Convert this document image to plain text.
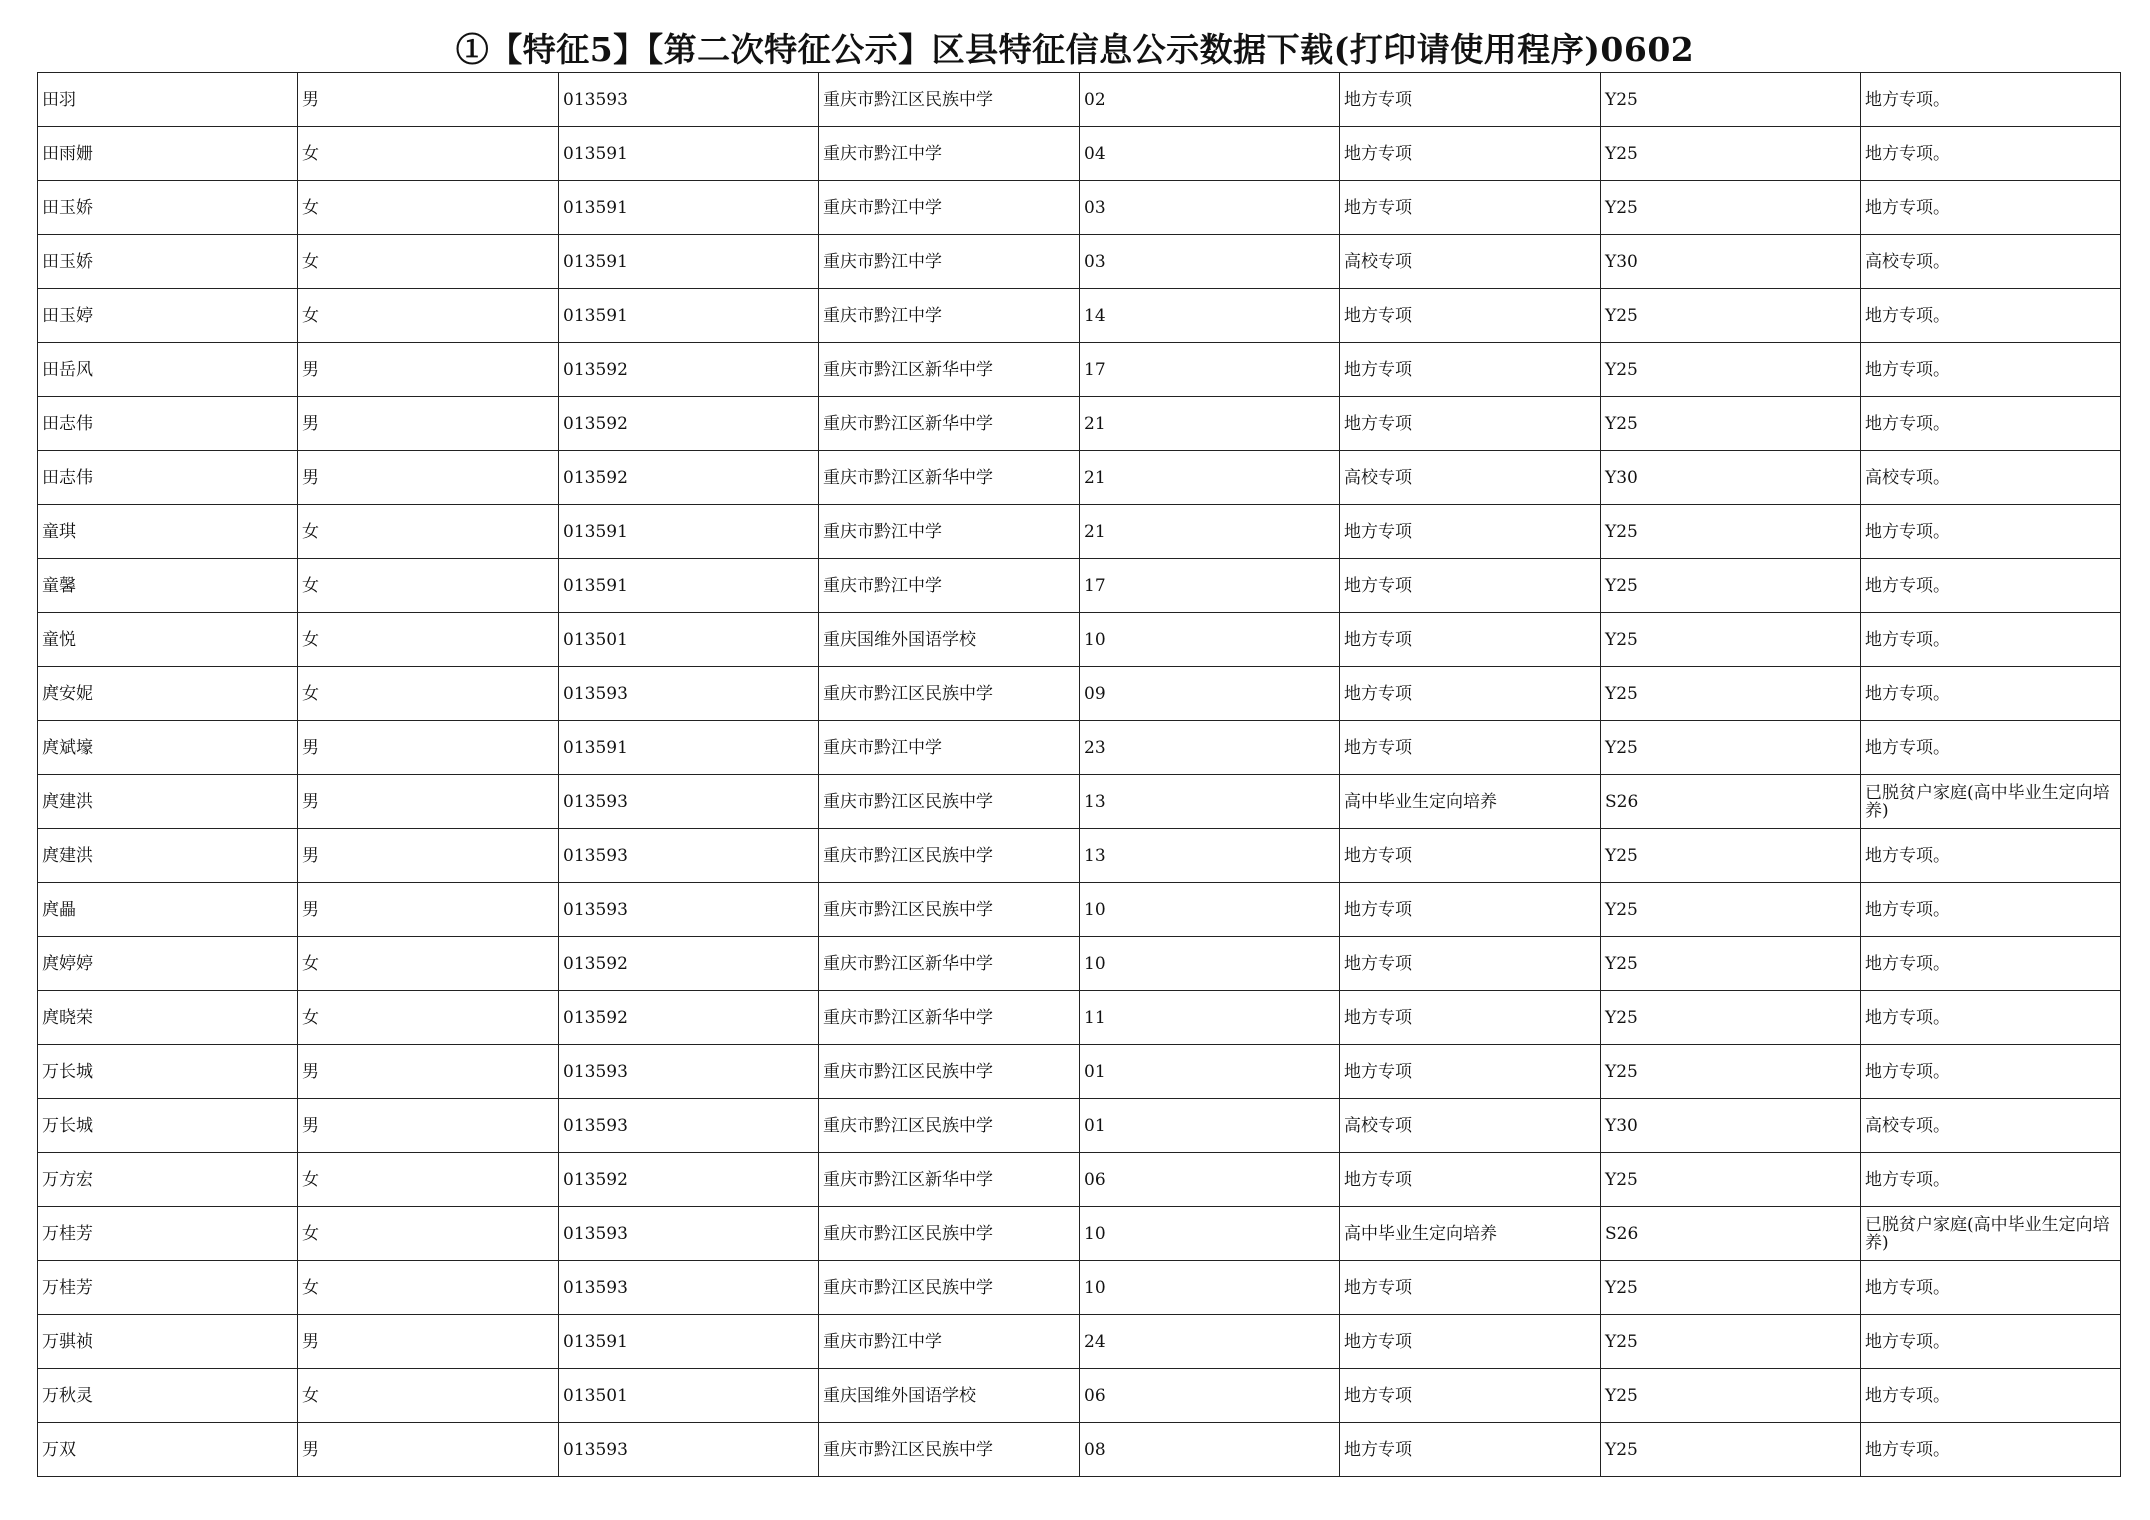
①【特征5】【第二次特征公示】区县特征信息公示数据下载(打印请使用程序)0602
田羽	男	013593	重庆市黔江区民族中学	02	地方专项	Y25	地方专项。
田雨姗	女	013591	重庆市黔江中学	04	地方专项	Y25	地方专项。
田玉娇	女	013591	重庆市黔江中学	03	地方专项	Y25	地方专项。
田玉娇	女	013591	重庆市黔江中学	03	高校专项	Y30	高校专项。
田玉婷	女	013591	重庆市黔江中学	14	地方专项	Y25	地方专项。
田岳风	男	013592	重庆市黔江区新华中学	17	地方专项	Y25	地方专项。
田志伟	男	013592	重庆市黔江区新华中学	21	地方专项	Y25	地方专项。
田志伟	男	013592	重庆市黔江区新华中学	21	高校专项	Y30	高校专项。
童琪	女	013591	重庆市黔江中学	21	地方专项	Y25	地方专项。
童馨	女	013591	重庆市黔江中学	17	地方专项	Y25	地方专项。
童悦	女	013501	重庆国维外国语学校	10	地方专项	Y25	地方专项。
庹安妮	女	013593	重庆市黔江区民族中学	09	地方专项	Y25	地方专项。
庹斌壕	男	013591	重庆市黔江中学	23	地方专项	Y25	地方专项。
庹建洪	男	013593	重庆市黔江区民族中学	13	高中毕业生定向培养	S26	已脱贫户家庭(高中毕业生定向培养)
庹建洪	男	013593	重庆市黔江区民族中学	13	地方专项	Y25	地方专项。
庹畾	男	013593	重庆市黔江区民族中学	10	地方专项	Y25	地方专项。
庹婷婷	女	013592	重庆市黔江区新华中学	10	地方专项	Y25	地方专项。
庹晓荣	女	013592	重庆市黔江区新华中学	11	地方专项	Y25	地方专项。
万长城	男	013593	重庆市黔江区民族中学	01	地方专项	Y25	地方专项。
万长城	男	013593	重庆市黔江区民族中学	01	高校专项	Y30	高校专项。
万方宏	女	013592	重庆市黔江区新华中学	06	地方专项	Y25	地方专项。
万桂芳	女	013593	重庆市黔江区民族中学	10	高中毕业生定向培养	S26	已脱贫户家庭(高中毕业生定向培养)
万桂芳	女	013593	重庆市黔江区民族中学	10	地方专项	Y25	地方专项。
万骐祯	男	013591	重庆市黔江中学	24	地方专项	Y25	地方专项。
万秋灵	女	013501	重庆国维外国语学校	06	地方专项	Y25	地方专项。
万双	男	013593	重庆市黔江区民族中学	08	地方专项	Y25	地方专项。
